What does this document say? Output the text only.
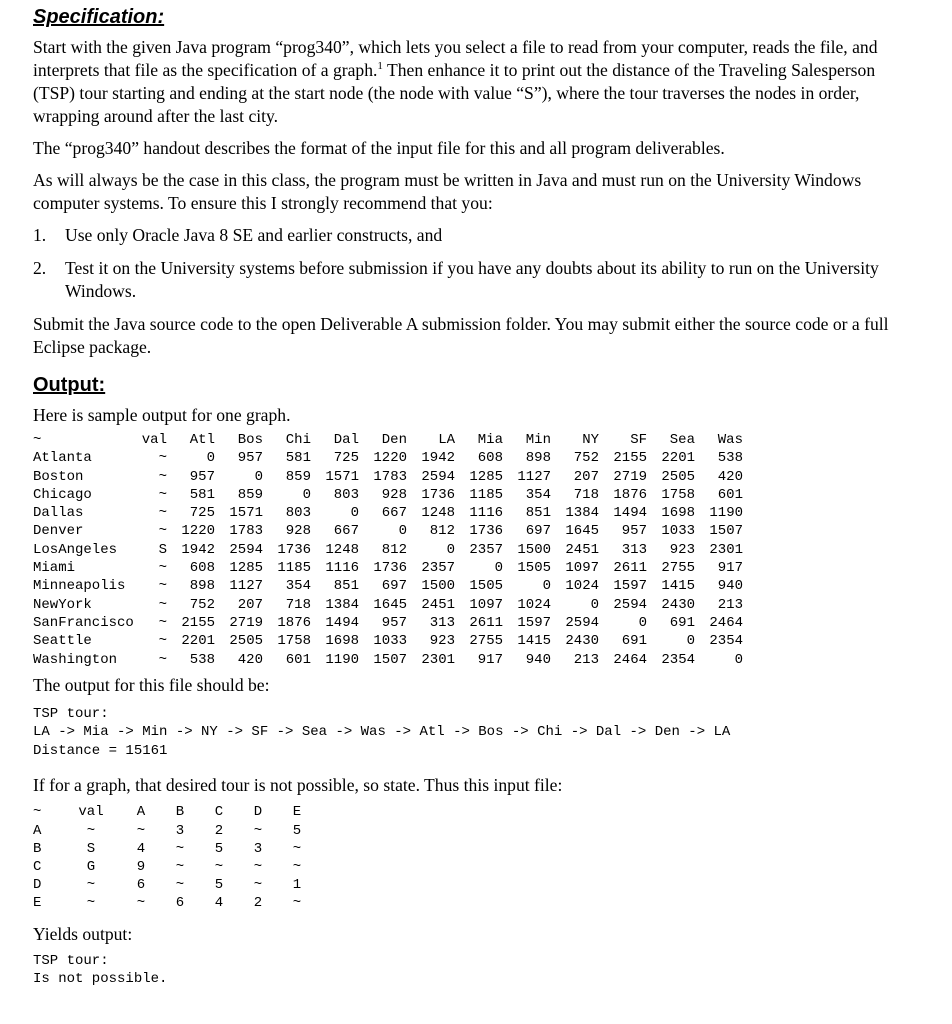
Specification:

Start with the given Java program “prog340”, which lets you select a file to read from your computer, reads the file, and interprets that file as the specification of a graph.$^1$ Then enhance it to print out the distance of the Traveling Salesperson (TSP) tour starting and ending at the start node (the node with value “S”), where the tour traverses the nodes in order, wrapping around after the last city.

The “prog340” handout describes the format of the input file for this and all program deliverables.

As will always be the case in this class, the program must be written in Java and must run on the University Windows computer systems. To ensure this I strongly recommend that you:

1. Use only Oracle Java 8 SE and earlier constructs, and
2. Test it on the University systems before submission if you have any doubts about its ability to run on the University Windows.

Submit the Java source code to the open Deliverable A submission folder. You may submit either the source code or a full Eclipse package.

Output:

Here is sample output for one graph.

~	val	Atl	Bos	Chi	Dal	Den	LA	Mia	Min	NY	SF	Sea	Was
Atlanta	~	0	957	581	725	1220	1942	608	898	752	2155	2201	538
Boston	~	957	0	859	1571	1783	2594	1285	1127	207	2719	2505	420
Chicago	~	581	859	0	803	928	1736	1185	354	718	1876	1758	601
Dallas	~	725	1571	803	0	667	1248	1116	851	1384	1494	1698	1190
Denver	~	1220	1783	928	667	0	812	1736	697	1645	957	1033	1507
LosAngeles	S	1942	2594	1736	1248	812	0	2357	1500	2451	313	923	2301
Miami	~	608	1285	1185	1116	1736	2357	0	1505	1097	2611	2755	917
Minneapolis	~	898	1127	354	851	697	1500	1505	0	1024	1597	1415	940
NewYork	~	752	207	718	1384	1645	2451	1097	1024	0	2594	2430	213
SanFrancisco	~	2155	2719	1876	1494	957	313	2611	1597	2594	0	691	2464
Seattle	~	2201	2505	1758	1698	1033	923	2755	1415	2430	691	0	2354
Washington	~	538	420	601	1190	1507	2301	917	940	213	2464	2354	0

The output for this file should be:

TSP tour:
LA -> Mia -> Min -> NY -> SF -> Sea -> Was -> Atl -> Bos -> Chi -> Dal -> Den -> LA
Distance = 15161

If for a graph, that desired tour is not possible, so state. Thus this input file:

~	val	A	B	C	D	E
A	~	~	3	2	~	5
B	S	4	~	5	3	~
C	G	9	~	~	~	~
D	~	6	~	5	~	1
E	~	~	6	4	2	~

Yields output:

TSP tour:
Is not possible.
